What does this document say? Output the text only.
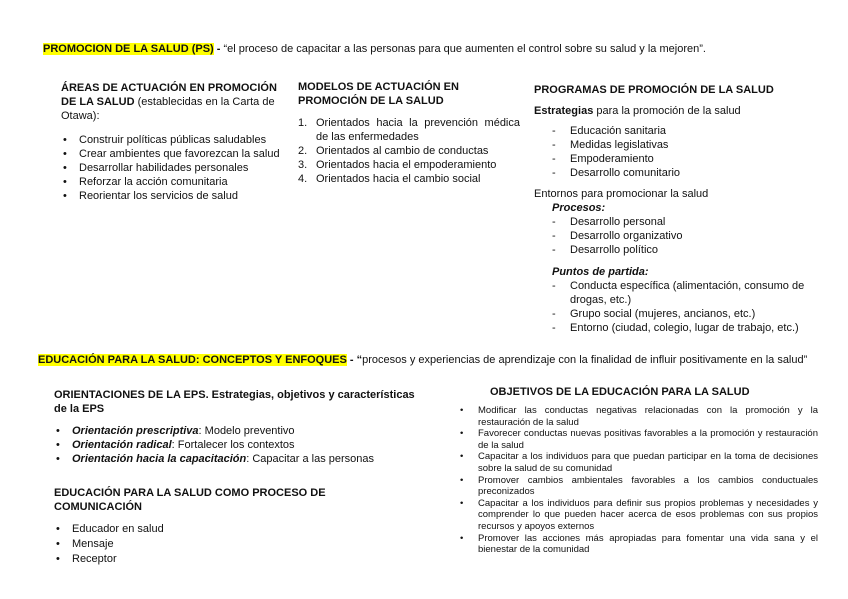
PROMOCION DE LA SALUD (PS) - “el proceso de capacitar a las personas para que aumenten el control sobre su salud y la mejoren”.
ÁREAS DE ACTUACIÓN EN PROMOCIÓN DE LA SALUD (establecidas en la Carta de Otawa):
• Construir políticas públicas saludables
• Crear ambientes que favorezcan la salud
• Desarrollar habilidades personales
• Reforzar la acción comunitaria
• Reorientar los servicios de salud
MODELOS DE ACTUACIÓN EN PROMOCIÓN DE LA SALUD
1. Orientados hacia la prevención médica de las enfermedades
2. Orientados al cambio de conductas
3. Orientados hacia el empoderamiento
4. Orientados hacia el cambio social
PROGRAMAS DE PROMOCIÓN DE LA SALUD
Estrategias para la promoción de la salud
- Educación sanitaria
- Medidas legislativas
- Empoderamiento
- Desarrollo comunitario
Entornos para promocionar la salud
Procesos:
- Desarrollo personal
- Desarrollo organizativo
- Desarrollo político
Puntos de partida:
- Conducta específica (alimentación, consumo de drogas, etc.)
- Grupo social (mujeres, ancianos, etc.)
- Entorno (ciudad, colegio, lugar de trabajo, etc.)
EDUCACIÓN PARA LA SALUD: CONCEPTOS Y ENFOQUES - “procesos y experiencias de aprendizaje con la finalidad de influir positivamente en la salud”
ORIENTACIONES DE LA EPS. Estrategias, objetivos y características de la EPS
• Orientación prescriptiva: Modelo preventivo
• Orientación radical: Fortalecer los contextos
• Orientación hacia la capacitación: Capacitar a las personas
EDUCACIÓN PARA LA SALUD COMO PROCESO DE COMUNICACIÓN
• Educador en salud
• Mensaje
• Receptor
OBJETIVOS DE LA EDUCACIÓN PARA LA SALUD
• Modificar las conductas negativas relacionadas con la promoción y la restauración de la salud
• Favorecer conductas nuevas positivas favorables a la promoción y restauración de la salud
• Capacitar a los individuos para que puedan participar en la toma de decisiones sobre la salud de su comunidad
• Promover cambios ambientales favorables a los cambios conductuales preconizados
• Capacitar a los individuos para definir sus propios problemas y necesidades y comprender lo que pueden hacer acerca de esos problemas con sus propios recursos y apoyos externos
• Promover las acciones más apropiadas para fomentar una vida sana y el bienestar de la comunidad
